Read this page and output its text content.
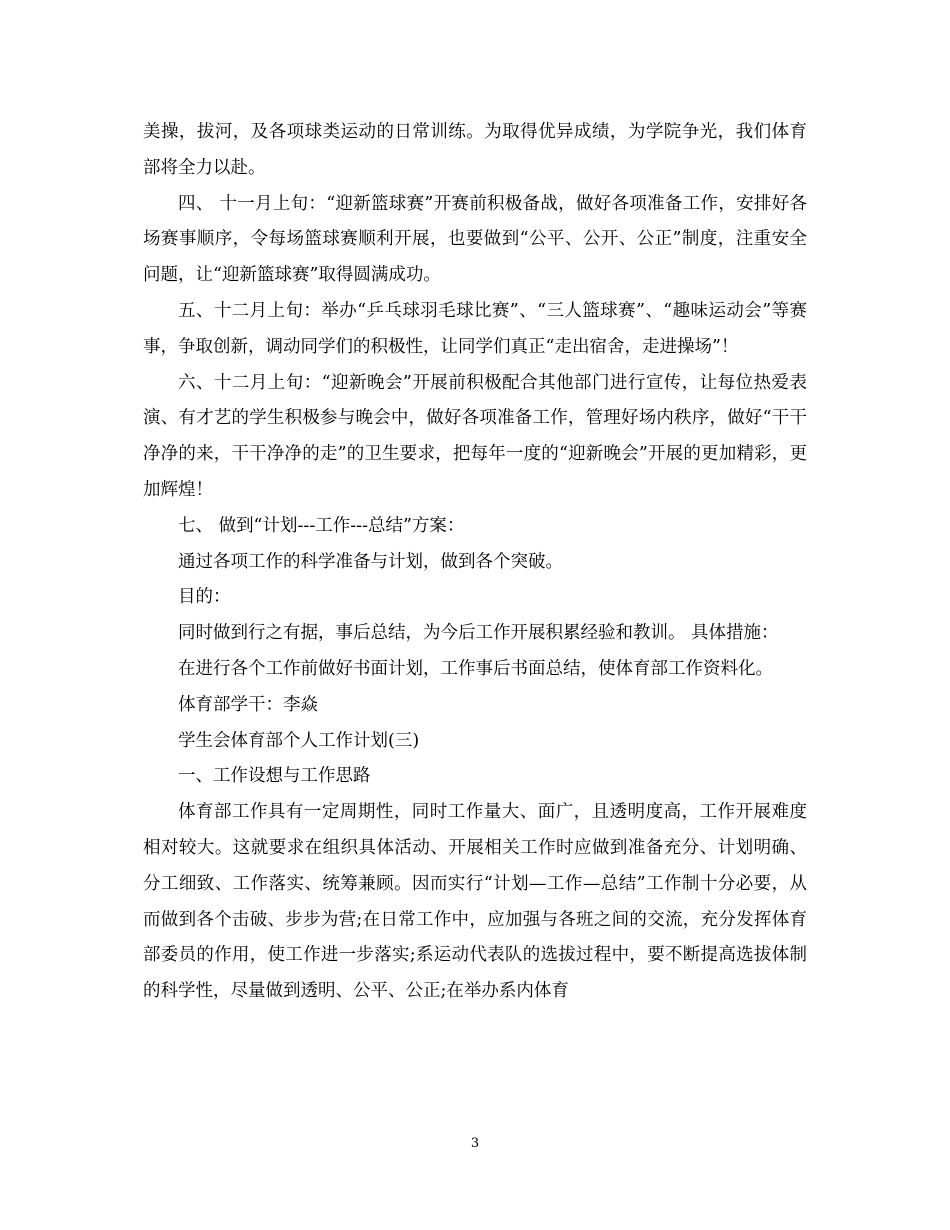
美操，拔河，及各项球类运动的日常训练。为取得优异成绩，为学院争光，我们体育部将全力以赴。

四、 十一月上旬：“迎新篮球赛”开赛前积极备战，做好各项准备工作，安排好各场赛事顺序，令每场篮球赛顺利开展，也要做到“公平、公开、公正”制度，注重安全问题，让“迎新篮球赛”取得圆满成功。

五、十二月上旬：举办“乒乓球羽毛球比赛”、“三人篮球赛”、“趣味运动会”等赛事，争取创新，调动同学们的积极性，让同学们真正“走出宿舍，走进操场”！

六、十二月上旬：“迎新晚会”开展前积极配合其他部门进行宣传，让每位热爱表演、有才艺的学生积极参与晚会中，做好各项准备工作，管理好场内秩序，做好“干干净净的来，干干净净的走”的卫生要求，把每年一度的“迎新晚会”开展的更加精彩，更加辉煌！

七、 做到“计划---工作---总结”方案：

通过各项工作的科学准备与计划，做到各个突破。

目的：

同时做到行之有据，事后总结，为今后工作开展积累经验和教训。 具体措施：

在进行各个工作前做好书面计划，工作事后书面总结，使体育部工作资料化。

体育部学干：李焱

学生会体育部个人工作计划(三)

一、工作设想与工作思路

体育部工作具有一定周期性，同时工作量大、面广，且透明度高，工作开展难度相对较大。这就要求在组织具体活动、开展相关工作时应做到准备充分、计划明确、分工细致、工作落实、统筹兼顾。因而实行“计划—工作—总结”工作制十分必要，从而做到各个击破、步步为营;在日常工作中，应加强与各班之间的交流，充分发挥体育部委员的作用，使工作进一步落实;系运动代表队的选拔过程中，要不断提高选拔体制的科学性，尽量做到透明、公平、公正;在举办系内体育

3
